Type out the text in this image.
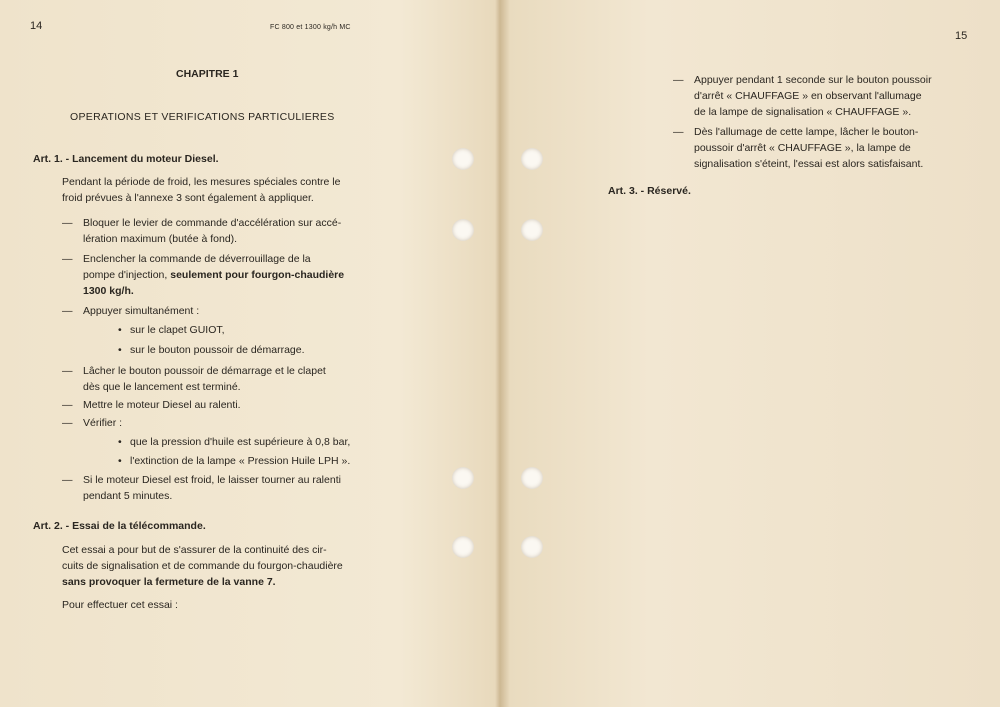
14	FC 800 et 1300 kg/h MC
CHAPITRE 1
OPERATIONS ET VERIFICATIONS PARTICULIERES
Art. 1. - Lancement du moteur Diesel.
Pendant la période de froid, les mesures spéciales contre le
froid prévues à l'annexe 3 sont également à appliquer.
— Bloquer le levier de commande d'accélération sur accé-
lération maximum (butée à fond).
— Enclencher la commande de déverrouillage de la
pompe d'injection, seulement pour fourgon-chaudière
1300 kg/h.
— Appuyer simultanément :
• sur le clapet GUIOT,
• sur le bouton poussoir de démarrage.
— Lâcher le bouton poussoir de démarrage et le clapet
dès que le lancement est terminé.
— Mettre le moteur Diesel au ralenti.
— Vérifier :
• que la pression d'huile est supérieure à 0,8 bar,
• l'extinction de la lampe « Pression Huile LPH ».
— Si le moteur Diesel est froid, le laisser tourner au ralenti
pendant 5 minutes.
Art. 2. - Essai de la télécommande.
Cet essai a pour but de s'assurer de la continuité des cir-
cuits de signalisation et de commande du fourgon-chaudière
sans provoquer la fermeture de la vanne 7.
Pour effectuer cet essai :
15
— Appuyer pendant 1 seconde sur le bouton poussoir
d'arrêt « CHAUFFAGE » en observant l'allumage
de la lampe de signalisation « CHAUFFAGE ».
— Dès l'allumage de cette lampe, lâcher le bouton-
poussoir d'arrêt « CHAUFFAGE », la lampe de
signalisation s'éteint, l'essai est alors satisfaisant.
Art. 3. - Réservé.
